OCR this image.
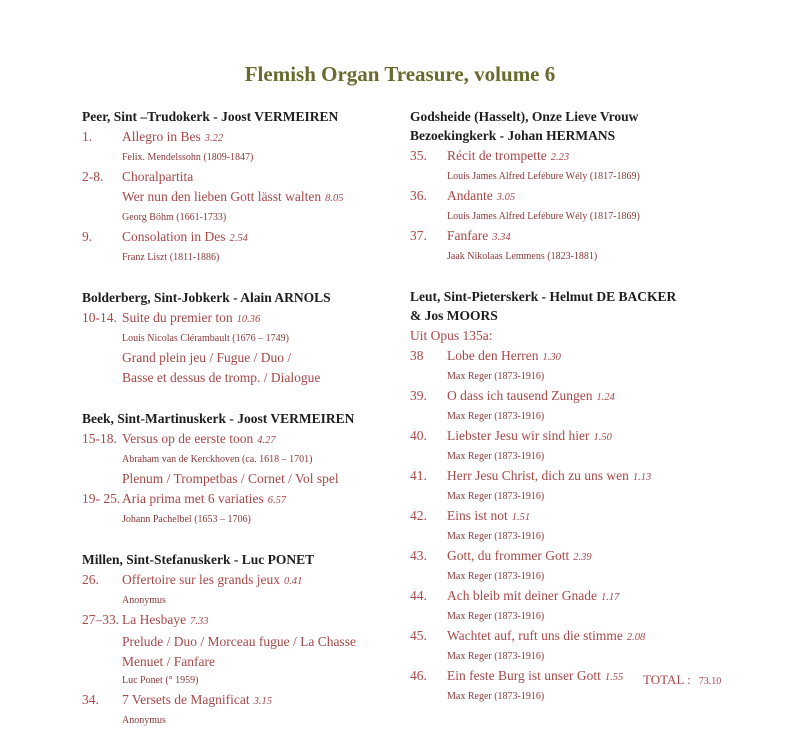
Flemish Organ Treasure, volume 6
Peer, Sint –Trudokerk - Joost VERMEIREN
1. Allegro in Bes 3.22
Felix. Mendelssohn (1809-1847)
2-8. Choralpartita
Wer nun den lieben Gott lässt walten 8.05
Georg Böhm (1661-1733)
9. Consolation in Des 2.54
Franz Liszt (1811-1886)
Bolderberg, Sint-Jobkerk - Alain ARNOLS
10-14. Suite du premier ton 10.36
Louis Nicolas Clérambault (1676 – 1749)
Grand plein jeu / Fugue / Duo /
Basse et dessus de tromp. / Dialogue
Beek, Sint-Martinuskerk - Joost VERMEIREN
15-18. Versus op de eerste toon 4.27
Abraham van de Kerckhoven (ca. 1618 – 1701)
Plenum / Trompetbas / Cornet / Vol spel
19- 25. Aria prima met 6 variaties 6.57
Johann Pachelbel (1653 – 1706)
Millen, Sint-Stefanuskerk - Luc PONET
26. Offertoire sur les grands jeux 0.41
Anonymus
27–33. La Hesbaye 7.33
Prelude / Duo / Morceau fugue / La Chasse
Menuet / Fanfare
Luc Ponet (° 1959)
34. 7 Versets de Magnificat 3.15
Anonymus
Godsheide (Hasselt), Onze Lieve Vrouw
Bezoekingkerk - Johan HERMANS
35. Récit de trompette 2.23
Louis James Alfred Lefébure Wély (1817-1869)
36. Andante 3.05
Louis James Alfred Lefébure Wély (1817-1869)
37. Fanfare 3.34
Jaak Nikolaas Lemmens (1823-1881)
Leut, Sint-Pieterskerk - Helmut DE BACKER
& Jos MOORS
Uit Opus 135a:
38 Lobe den Herren 1.30
Max Reger (1873-1916)
39. O dass ich tausend Zungen 1.24
Max Reger (1873-1916)
40. Liebster Jesu wir sind hier 1.50
Max Reger (1873-1916)
41. Herr Jesu Christ, dich zu uns wen 1.13
Max Reger (1873-1916)
42. Eins ist not 1.51
Max Reger (1873-1916)
43. Gott, du frommer Gott 2.39
Max Reger (1873-1916)
44. Ach bleib mit deiner Gnade 1.17
Max Reger (1873-1916)
45. Wachtet auf, ruft uns die stimme 2.08
Max Reger (1873-1916)
46. Ein feste Burg ist unser Gott 1.55
Max Reger (1873-1916)
TOTAL : 73.10
